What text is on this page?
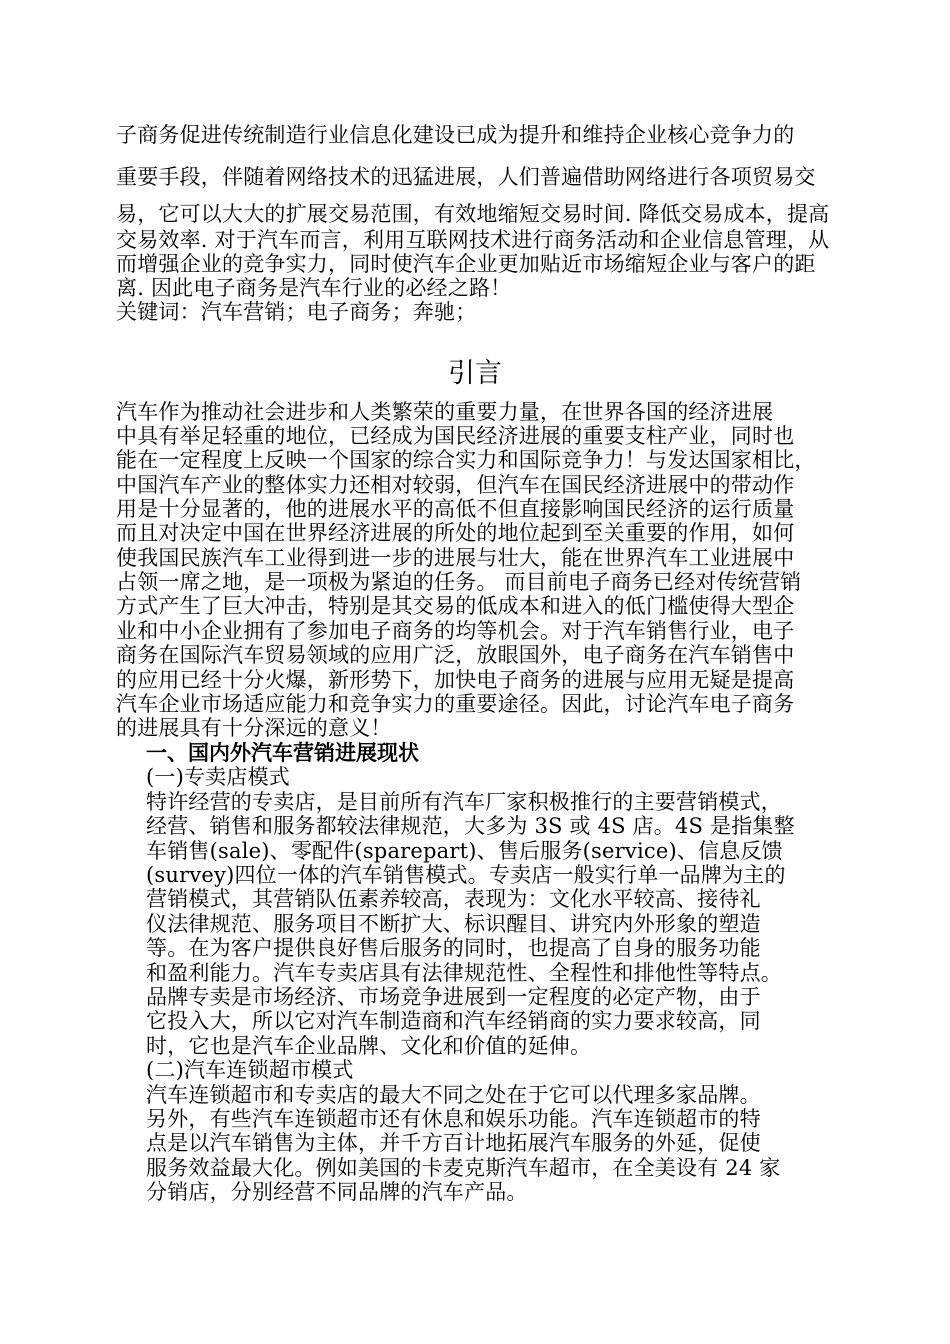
子商务促进传统制造行业信息化建设已成为提升和维持企业核心竞争力的
重要手段，伴随着网络技术的迅猛进展，人们普遍借助网络进行各项贸易交
易，它可以大大的扩展交易范围，有效地缩短交易时间. 降低交易成本，提高
交易效率. 对于汽车而言，利用互联网技术进行商务活动和企业信息管理，从
而增强企业的竞争实力，同时使汽车企业更加贴近市场缩短企业与客户的距
离. 因此电子商务是汽车行业的必经之路！
关键词：汽车营销；电子商务；奔驰；
引言
汽车作为推动社会进步和人类繁荣的重要力量，在世界各国的经济进展
中具有举足轻重的地位，已经成为国民经济进展的重要支柱产业，同时也
能在一定程度上反映一个国家的综合实力和国际竞争力！与发达国家相比，
中国汽车产业的整体实力还相对较弱，但汽车在国民经济进展中的带动作
用是十分显著的，他的进展水平的高低不但直接影响国民经济的运行质量
而且对决定中国在世界经济进展的所处的地位起到至关重要的作用，如何
使我国民族汽车工业得到进一步的进展与壮大，能在世界汽车工业进展中
占领一席之地，是一项极为紧迫的任务。 而目前电子商务已经对传统营销
方式产生了巨大冲击，特别是其交易的低成本和进入的低门槛使得大型企
业和中小企业拥有了参加电子商务的均等机会。对于汽车销售行业，电子
商务在国际汽车贸易领域的应用广泛，放眼国外，电子商务在汽车销售中
的应用已经十分火爆，新形势下，加快电子商务的进展与应用无疑是提高
汽车企业市场适应能力和竞争实力的重要途径。因此，讨论汽车电子商务
的进展具有十分深远的意义！
一、国内外汽车营销进展现状
(一)专卖店模式
特许经营的专卖店，是目前所有汽车厂家积极推行的主要营销模式，
经营、销售和服务都较法律规范，大多为 3S 或 4S 店。4S 是指集整
车销售(sale)、零配件(sparepart)、售后服务(service)、信息反馈
(survey)四位一体的汽车销售模式。专卖店一般实行单一品牌为主的
营销模式，其营销队伍素养较高，表现为：文化水平较高、接待礼
仪法律规范、服务项目不断扩大、标识醒目、讲究内外形象的塑造
等。在为客户提供良好售后服务的同时，也提高了自身的服务功能
和盈利能力。汽车专卖店具有法律规范性、全程性和排他性等特点。
品牌专卖是市场经济、市场竞争进展到一定程度的必定产物，由于
它投入大，所以它对汽车制造商和汽车经销商的实力要求较高，同
时，它也是汽车企业品牌、文化和价值的延伸。
(二)汽车连锁超市模式
汽车连锁超市和专卖店的最大不同之处在于它可以代理多家品牌。
另外，有些汽车连锁超市还有休息和娱乐功能。汽车连锁超市的特
点是以汽车销售为主体，并千方百计地拓展汽车服务的外延，促使
服务效益最大化。例如美国的卡麦克斯汽车超市，在全美设有 24 家
分销店，分别经营不同品牌的汽车产品。
